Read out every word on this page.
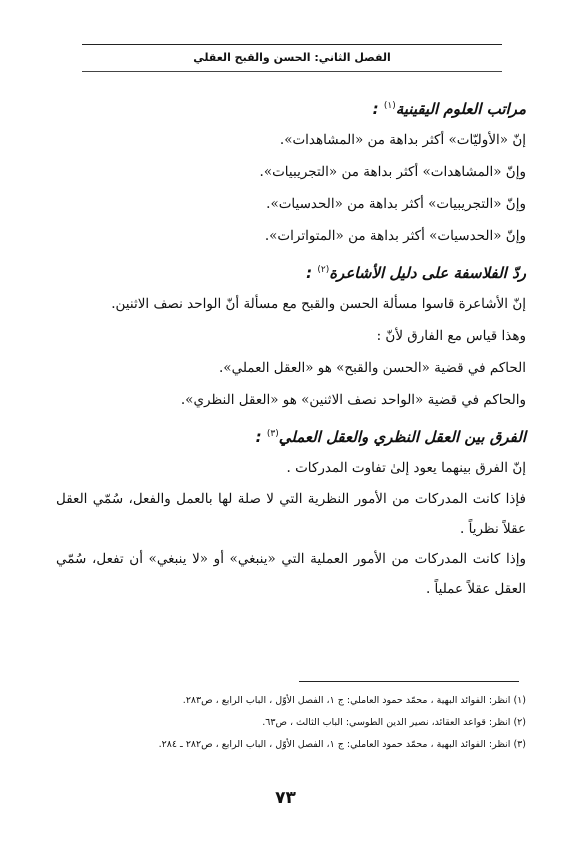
الفصل الثاني: الحسن والقبح العقلي
مراتب العلوم اليقينية$^{(١)}$ :

إنّ «الأوليّات» أكثر بداهة من «المشاهدات».

وإنّ «المشاهدات» أكثر بداهة من «التجريبيات».

وإنّ «التجريبيات» أكثر بداهة من «الحدسيات».

وإنّ «الحدسيات» أكثر بداهة من «المتواترات».

ردّ الفلاسفة على دليل الأشاعرة$^{(٢)}$ :

إنّ الأشاعرة قاسوا مسألة الحسن والقبح مع مسألة أنّ الواحد نصف الاثنين.

وهذا قياس مع الفارق لأنّ :

الحاكم في قضية «الحسن والقبح» هو «العقل العملي».

والحاكم في قضية «الواحد نصف الاثنين» هو «العقل النظري».

الفرق بين العقل النظري والعقل العملي$^{(٣)}$ :

إنّ الفرق بينهما يعود إلىٰ تفاوت المدركات .

فإذا كانت المدركات من الأمور النظرية التي لا صلة لها بالعمل والفعل، سُمّي العقل عقلاً نظرياً .

وإذا كانت المدركات من الأمور العملية التي «ينبغي» أو «لا ينبغي» أن تفعل، سُمّي العقل عقلاً عملياً .

(١) انظر: الفوائد البهية ، محمّد حمود العاملي: ج ١، الفصل الأوّل ، الباب الرابع ، ص٢٨٣.

(٢) انظر: قواعد العقائد، نصير الدين الطوسي: الباب الثالث ، ص٦٣.

(٣) انظر: الفوائد البهية ، محمّد حمود العاملي: ج ١، الفصل الأوّل ، الباب الرابع ، ص٢٨٢ ـ ٢٨٤.

٧٣
